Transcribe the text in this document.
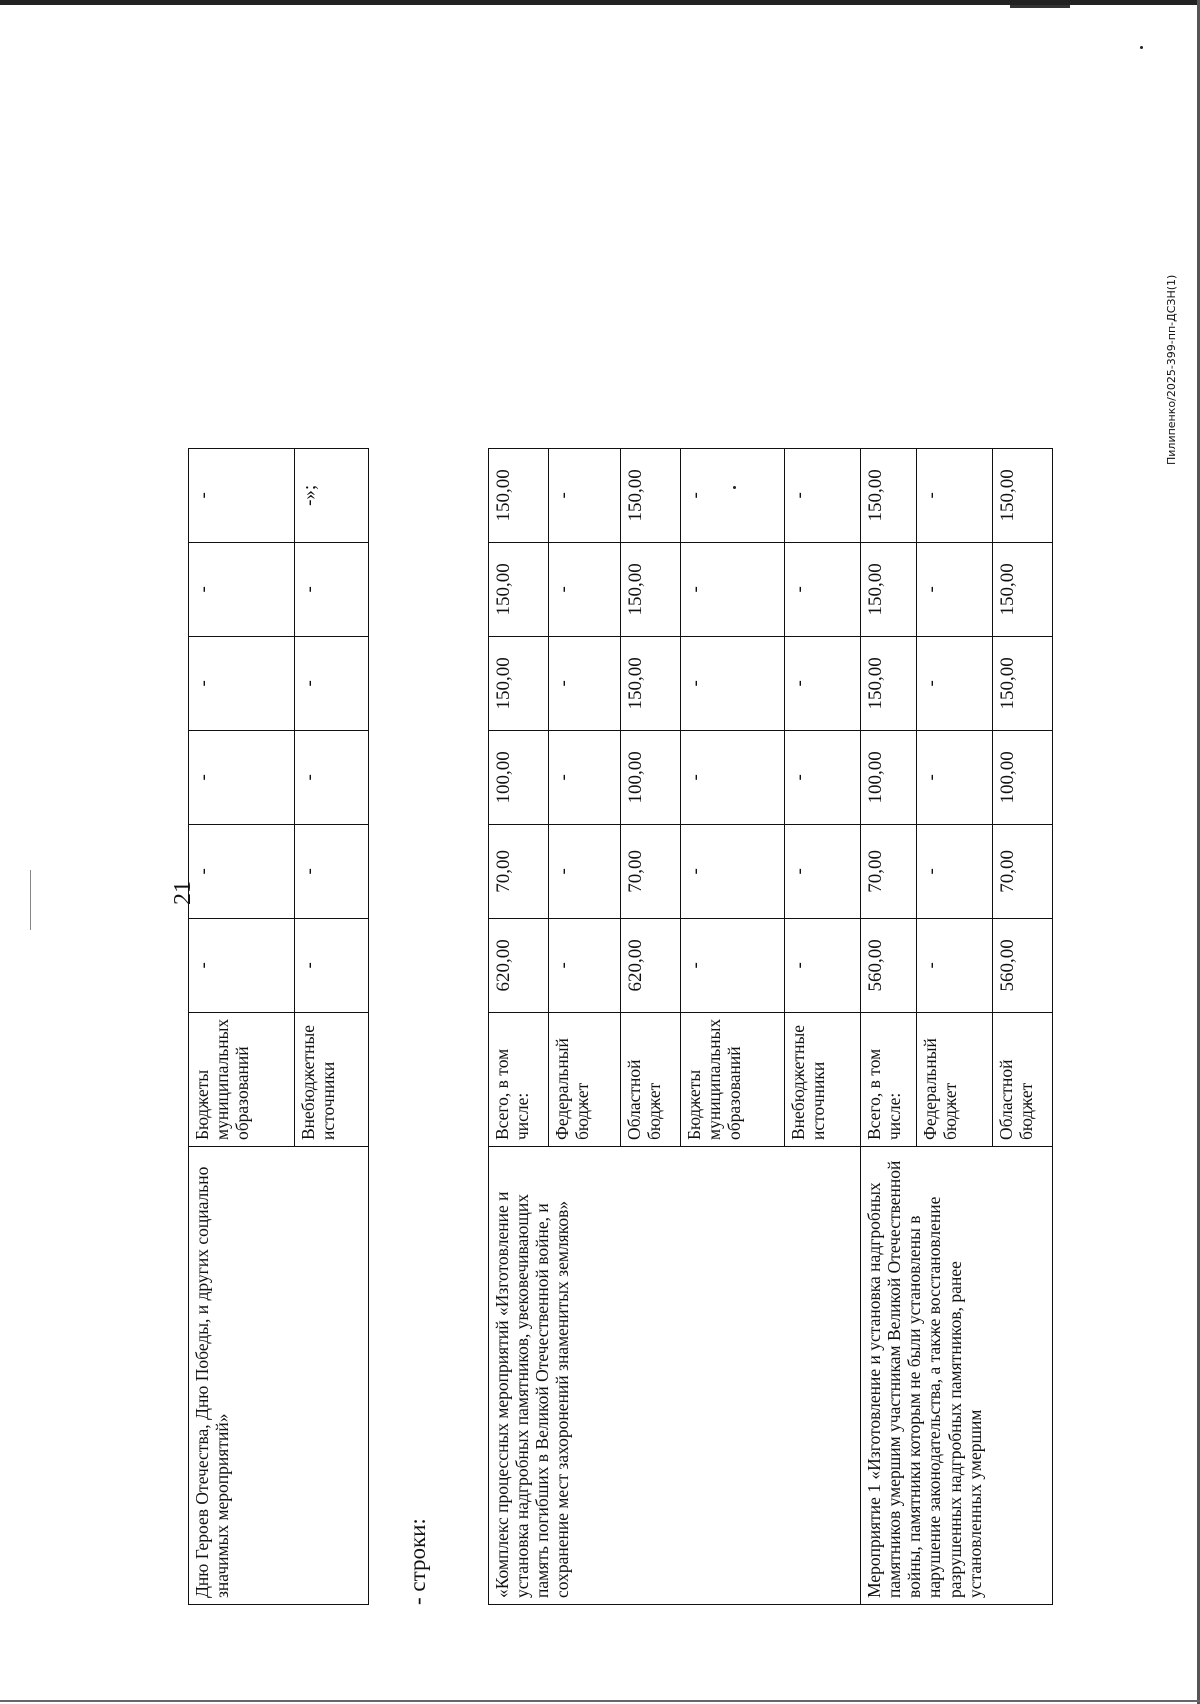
21
Дню Героев Отечества, Дню Победы, и других социально значимых мероприятий»	Бюджеты муниципальных образований	-	-	-	-	-	-
	Внебюджетные источники	-	-	-	-	-	-»;
- строки:	«Комплекс процессных мероприятий «Изготовление и установка надгробных памятников, увековечивающих память погибших в Великой Отечественной войне, и сохранение мест захоронений знаменитых земляков»	Всего, в том числе:	620,00	70,00	100,00	150,00	150,00	150,00
	Федеральный бюджет	-	-	-	-	-	-
	Областной бюджет	620,00	70,00	100,00	150,00	150,00	150,00
	Бюджеты муниципальных образований	-	-	-	-	-	-
	Внебюджетные источники	-	-	-	-	-	-
Мероприятие 1 «Изготовление и установка надгробных памятников умершим участникам Великой Отечественной войны, памятники которым не были установлены в нарушение законодательства, а также восстановление разрушенных надгробных памятников, ранее установленных умершим	Всего, в том числе:	560,00	70,00	100,00	150,00	150,00	150,00
	Федеральный бюджет	-	-	-	-	-	-
	Областной бюджет	560,00	70,00	100,00	150,00	150,00	150,00
Пилипенко/2025-399-пп-ДСЗН(1)
